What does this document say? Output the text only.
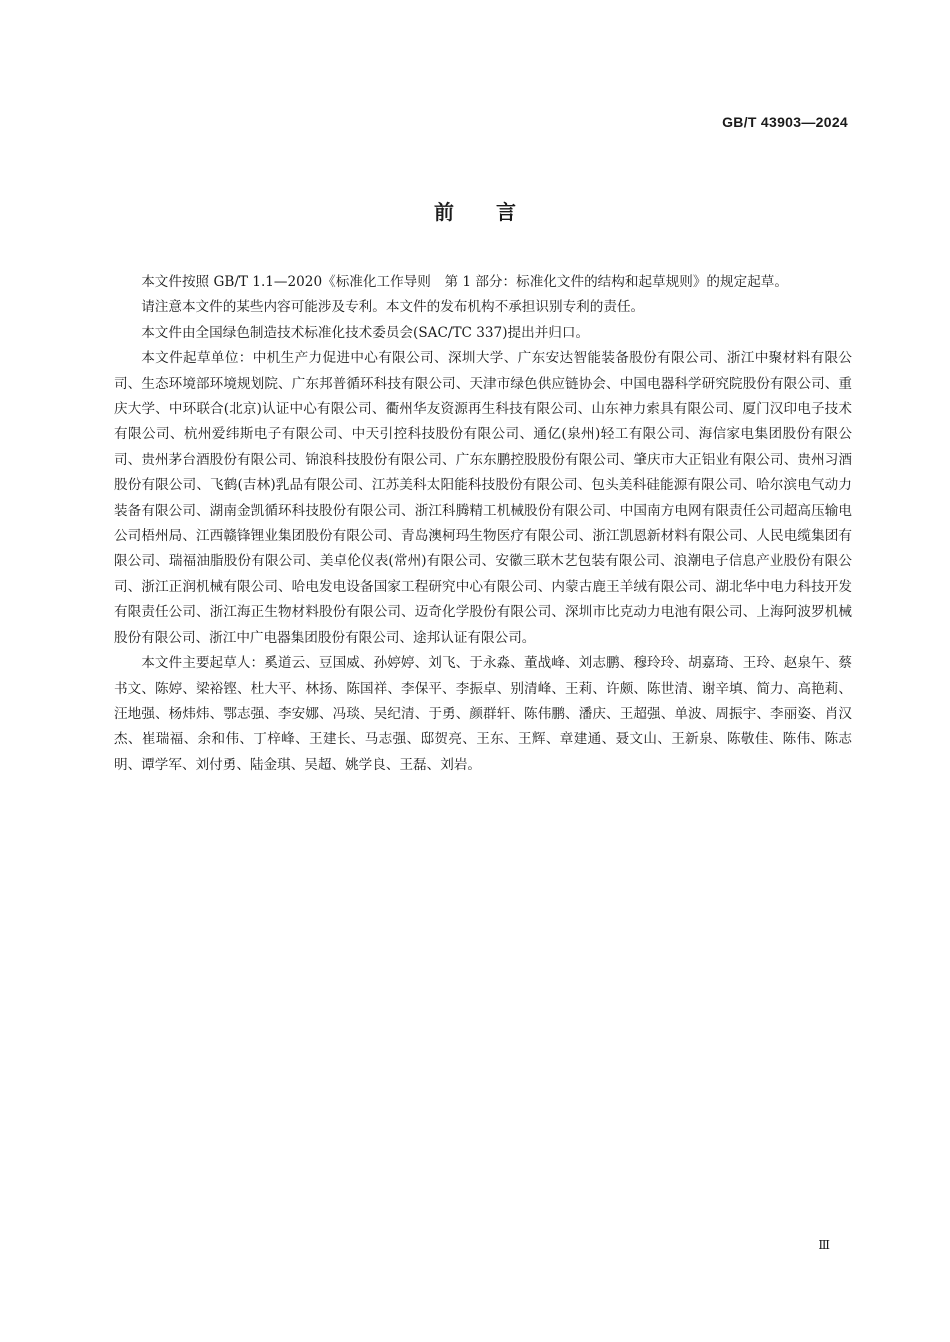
GB/T 43903—2024
前言

本文件按照 GB/T 1.1—2020《标准化工作导则　第 1 部分：标准化文件的结构和起草规则》的规定起草。

请注意本文件的某些内容可能涉及专利。本文件的发布机构不承担识别专利的责任。

本文件由全国绿色制造技术标准化技术委员会(SAC/TC 337)提出并归口。

本文件起草单位：中机生产力促进中心有限公司、深圳大学、广东安达智能装备股份有限公司、浙江中聚材料有限公司、生态环境部环境规划院、广东邦普循环科技有限公司、天津市绿色供应链协会、中国电器科学研究院股份有限公司、重庆大学、中环联合(北京)认证中心有限公司、衢州华友资源再生科技有限公司、山东神力索具有限公司、厦门汉印电子技术有限公司、杭州爱纬斯电子有限公司、中天引控科技股份有限公司、通亿(泉州)轻工有限公司、海信家电集团股份有限公司、贵州茅台酒股份有限公司、锦浪科技股份有限公司、广东东鹏控股股份有限公司、肇庆市大正铝业有限公司、贵州习酒股份有限公司、飞鹤(吉林)乳品有限公司、江苏美科太阳能科技股份有限公司、包头美科硅能源有限公司、哈尔滨电气动力装备有限公司、湖南金凯循环科技股份有限公司、浙江科腾精工机械股份有限公司、中国南方电网有限责任公司超高压输电公司梧州局、江西赣锋锂业集团股份有限公司、青岛澳柯玛生物医疗有限公司、浙江凯恩新材料有限公司、人民电缆集团有限公司、瑞福油脂股份有限公司、美卓伦仪表(常州)有限公司、安徽三联木艺包装有限公司、浪潮电子信息产业股份有限公司、浙江正润机械有限公司、哈电发电设备国家工程研究中心有限公司、内蒙古鹿王羊绒有限公司、湖北华中电力科技开发有限责任公司、浙江海正生物材料股份有限公司、迈奇化学股份有限公司、深圳市比克动力电池有限公司、上海阿波罗机械股份有限公司、浙江中广电器集团股份有限公司、途邦认证有限公司。

本文件主要起草人：奚道云、豆国威、孙婷婷、刘飞、于永淼、董战峰、刘志鹏、穆玲玲、胡嘉琦、王玲、赵泉午、蔡书文、陈婷、梁裕铿、杜大平、林扬、陈国祥、李保平、李振卓、别清峰、王莉、许颇、陈世清、谢辛填、简力、高艳莉、汪地强、杨炜炜、鄂志强、李安娜、冯琰、吴纪清、于勇、颜群轩、陈伟鹏、潘庆、王超强、单波、周振宇、李丽姿、肖汉杰、崔瑞福、余和伟、丁梓峰、王建长、马志强、邸贺亮、王东、王辉、章建通、聂文山、王新泉、陈敬佳、陈伟、陈志明、谭学军、刘付勇、陆金琪、吴超、姚学良、王磊、刘岩。

Ⅲ
